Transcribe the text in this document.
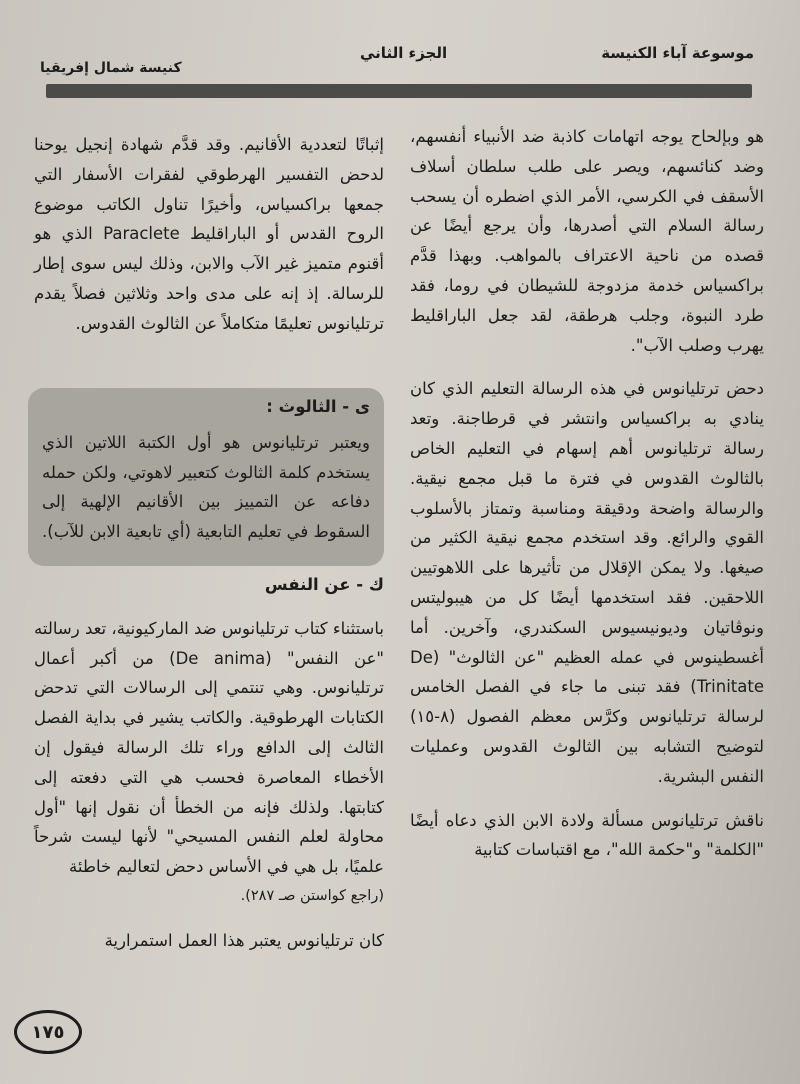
موسوعة آباء الكنيسة
الجزء الثاني
كنيسة شمال إفريقيا

هو وبإلحاح يوجه اتهامات كاذبة ضد الأنبياء أنفسهم، وضد كنائسهم، ويصر على طلب سلطان أسلاف الأسقف في الكرسي، الأمر الذي اضطره أن يسحب رسالة السلام التي أصدرها، وأن يرجع أيضًا عن قصده من ناحية الاعتراف بالمواهب. وبهذا قدَّم براكسياس خدمة مزدوجة للشيطان في روما، فقد طرد النبوة، وجلب هرطقة، لقد جعل الباراقليط يهرب وصلب الآب".

دحض ترتليانوس في هذه الرسالة التعليم الذي كان ينادي به براكسياس وانتشر في قرطاجنة. وتعد رسالة ترتليانوس أهم إسهام في التعليم الخاص بالثالوث القدوس في فترة ما قبل مجمع نيقية. والرسالة واضحة ودقيقة ومناسبة وتمتاز بالأسلوب القوي والرائع. وقد استخدم مجمع نيقية الكثير من صيغها. ولا يمكن الإقلال من تأثيرها على اللاهوتيين اللاحقين. فقد استخدمها أيضًا كل من هيبوليتس ونوڤاتيان وديونيسيوس السكندري، وآخرين. أما أغسطينوس في عمله العظيم "عن الثالوث" (De Trinitate) فقد تبنى ما جاء في الفصل الخامس لرسالة ترتليانوس وكرَّس معظم الفصول (٨-١٥) لتوضيح التشابه بين الثالوث القدوس وعمليات النفس البشرية.

ناقش ترتليانوس مسألة ولادة الابن الذي دعاه أيضًا "الكلمة" و"حكمة الله"، مع اقتباسات كتابية

إثباتًا لتعددية الأقانيم. وقد قدَّم شهادة إنجيل يوحنا لدحض التفسير الهرطوقي لفقرات الأسفار التي جمعها براكسياس، وأخيرًا تناول الكاتب موضوع الروح القدس أو الباراقليط Paraclete الذي هو أقنوم متميز غير الآب والابن، وذلك ليس سوى إطار للرسالة. إذ إنه على مدى واحد وثلاثين فصلاً يقدم ترتليانوس تعليمًا متكاملاً عن الثالوث القدوس.

ى - الثالوث :
ويعتبر ترتليانوس هو أول الكتبة اللاتين الذي يستخدم كلمة الثالوث كتعبير لاهوتي، ولكن حمله دفاعه عن التمييز بين الأقانيم الإلهية إلى السقوط في تعليم التابعية (أي تابعية الابن للآب).

ك - عن النفس

باستثناء كتاب ترتليانوس ضد الماركيونية، تعد رسالته "عن النفس" (De anima) من أكبر أعمال ترتليانوس. وهي تنتمي إلى الرسالات التي تدحض الكتابات الهرطوقية. والكاتب يشير في بداية الفصل الثالث إلى الدافع وراء تلك الرسالة فيقول إن الأخطاء المعاصرة فحسب هي التي دفعته إلى كتابتها. ولذلك فإنه من الخطأ أن نقول إنها "أول محاولة لعلم النفس المسيحي" لأنها ليست شرحاً علميًا، بل هي في الأساس دحض لتعاليم خاطئة

(راجع كواستن صـ ٢٨٧).

كان ترتليانوس يعتبر هذا العمل استمرارية

١٧٥
